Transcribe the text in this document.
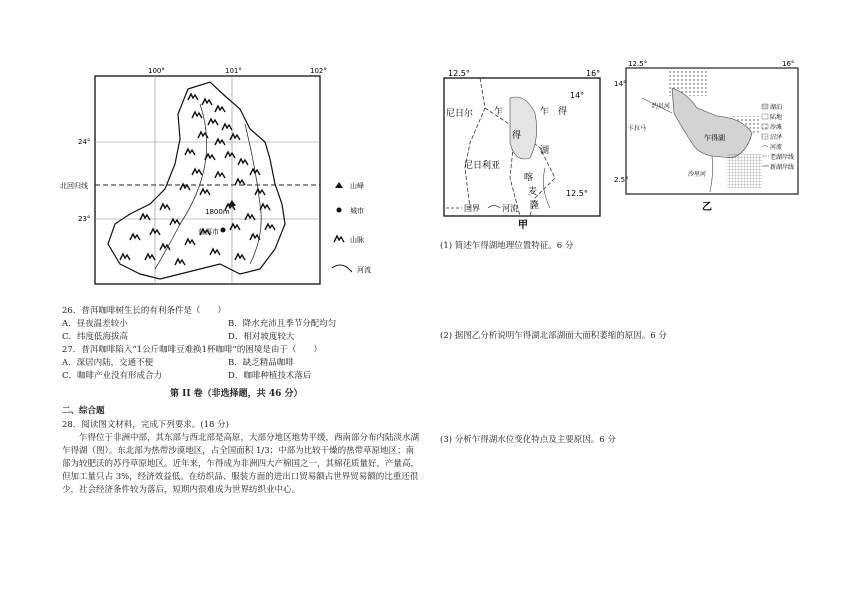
100°	101°	102°
24°
23°
北回归线
1800m
普洱市
山峰
城市
山脉
河流
26．普洱咖啡树生长的有利条件是（　　）
A．昼夜温差较小	B．降水充沛且季节分配均匀
C．纬度低海拔高	D．相对坡度较大
27．普洱咖啡陷入“1公斤咖啡豆难换1杯咖啡”的困境是由于（　　）
A．深居内陆，交通不便	B．缺乏精品咖啡
C．咖啡产业没有形成合力	D．咖啡种植技术落后
第 II 卷（非选择题，共 46 分）
二、综合题
28．阅读图文材料，完成下列要求。(18 分)
乍得位于非洲中部，其东部与西北部是高原，大部分地区地势平缓，西南部分布内陆淡水湖乍得湖（图）。东北部为热带沙漠地区，占全国面积 1/3；中部为比较干燥的热带草原地区；南部为较肥沃的苏丹草原地区。近年来，乍得成为非洲四大产棉国之一，其棉花质量好，产量高，但加工量只占 3%，经济效益低。在纺织品、服装方面的进出口贸易额占世界贸易额的比重还很少，社会经济条件较为落后，短期内很难成为世界纺织业中心。
12.5°	16°
14°
12.5°
尼日尔 乍
得
尼日利亚
喀
麦
隆
乍　得
湖
国界	河流
甲
12.5°	16°
14°
2.5°
乍得湖
约贝河
卡拉马
沙里河
湖泊
陆地
沙滩
沼泽
河流
老湖岸线
新湖岸线
乙
(1) 简述乍得湖地理位置特征。6 分
(2) 据图乙分析说明乍得湖北部湖面大面积萎缩的原因。6 分
(3) 分析乍得湖水位变化特点及主要原因。6 分
